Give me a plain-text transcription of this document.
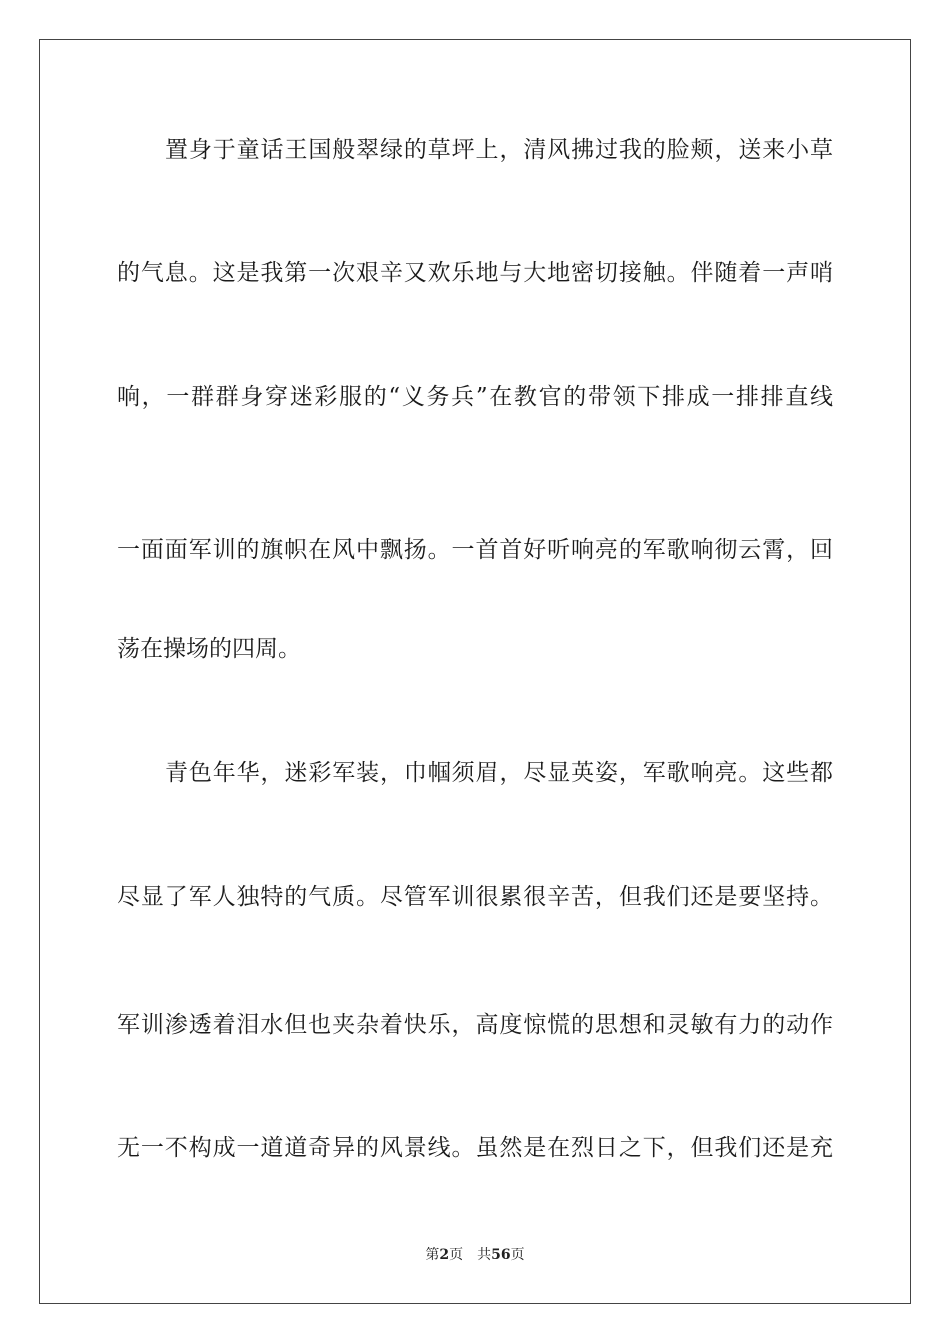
置身于童话王国般翠绿的草坪上，清风拂过我的脸颊，送来小草
的气息。这是我第一次艰辛又欢乐地与大地密切接触。伴随着一声哨
响，一群群身穿迷彩服的“义务兵”在教官的带领下排成一排排直线
一面面军训的旗帜在风中飘扬。一首首好听响亮的军歌响彻云霄，回
荡在操场的四周。
青色年华，迷彩军装，巾帼须眉，尽显英姿，军歌响亮。这些都
尽显了军人独特的气质。尽管军训很累很辛苦，但我们还是要坚持。
军训渗透着泪水但也夹杂着快乐，高度惊慌的思想和灵敏有力的动作
无一不构成一道道奇异的风景线。虽然是在烈日之下，但我们还是充
第2页 共56页
